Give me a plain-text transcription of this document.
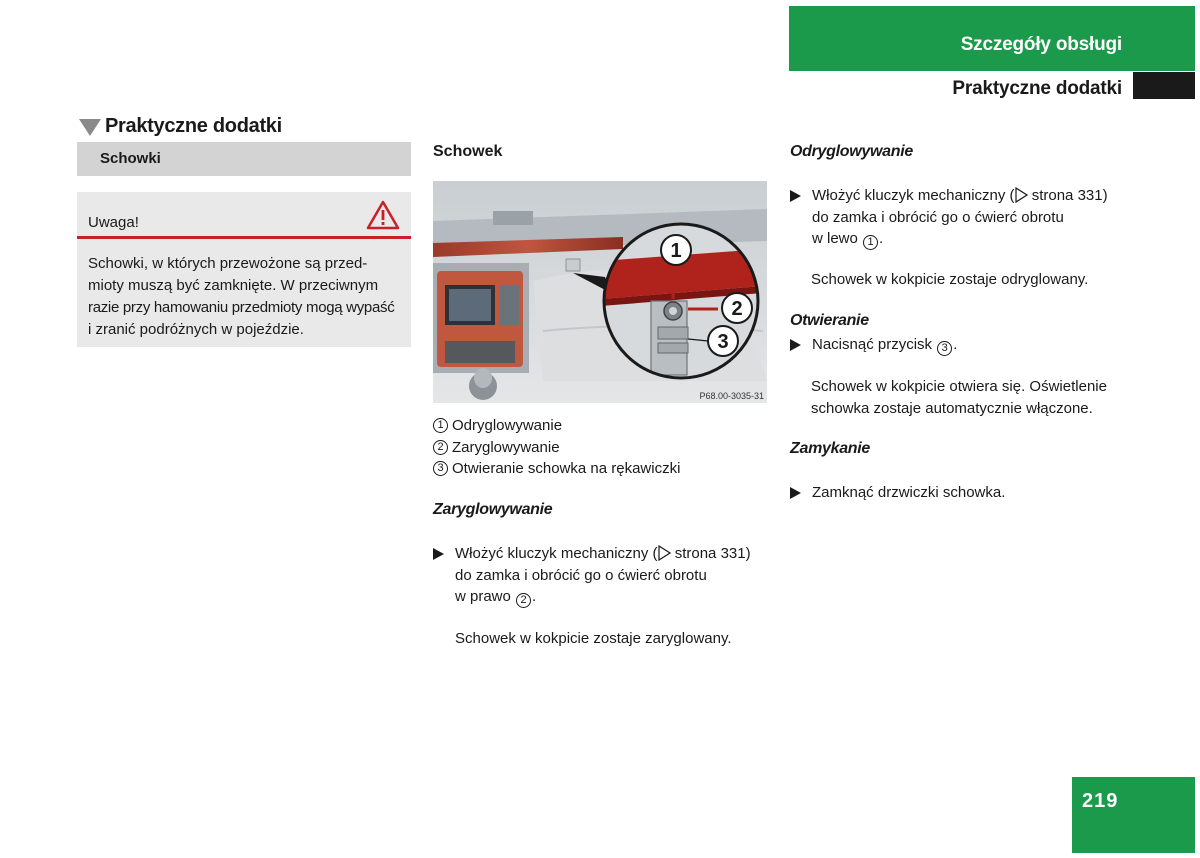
Szczegóły obsługi
Praktyczne dodatki
Praktyczne dodatki
Schowki
Uwaga!
Schowki, w których przewożone są przed-
mioty muszą być zamknięte. W przeciwnym
razie przy hamowaniu przedmioty mogą wypaść
i zranić podróżnych w pojeździe.
Schowek
1
2
3
P68.00-3035-31
1 Odryglowywanie
2 Zaryglowywanie
3 Otwieranie schowka na rękawiczki
Zaryglowywanie
Włożyć kluczyk mechaniczny ( strona 331)
do zamka i obrócić go o ćwierć obrotu
w prawo 2 .
Schowek w kokpicie zostaje zaryglowany.
Odryglowywanie
Włożyć kluczyk mechaniczny ( strona 331)
do zamka i obrócić go o ćwierć obrotu
w lewo 1 .
Schowek w kokpicie zostaje odryglowany.
Otwieranie
Nacisnąć przycisk 3 .
Schowek w kokpicie otwiera się. Oświetlenie
schowka zostaje automatycznie włączone.
Zamykanie
Zamknąć drzwiczki schowka.
219
